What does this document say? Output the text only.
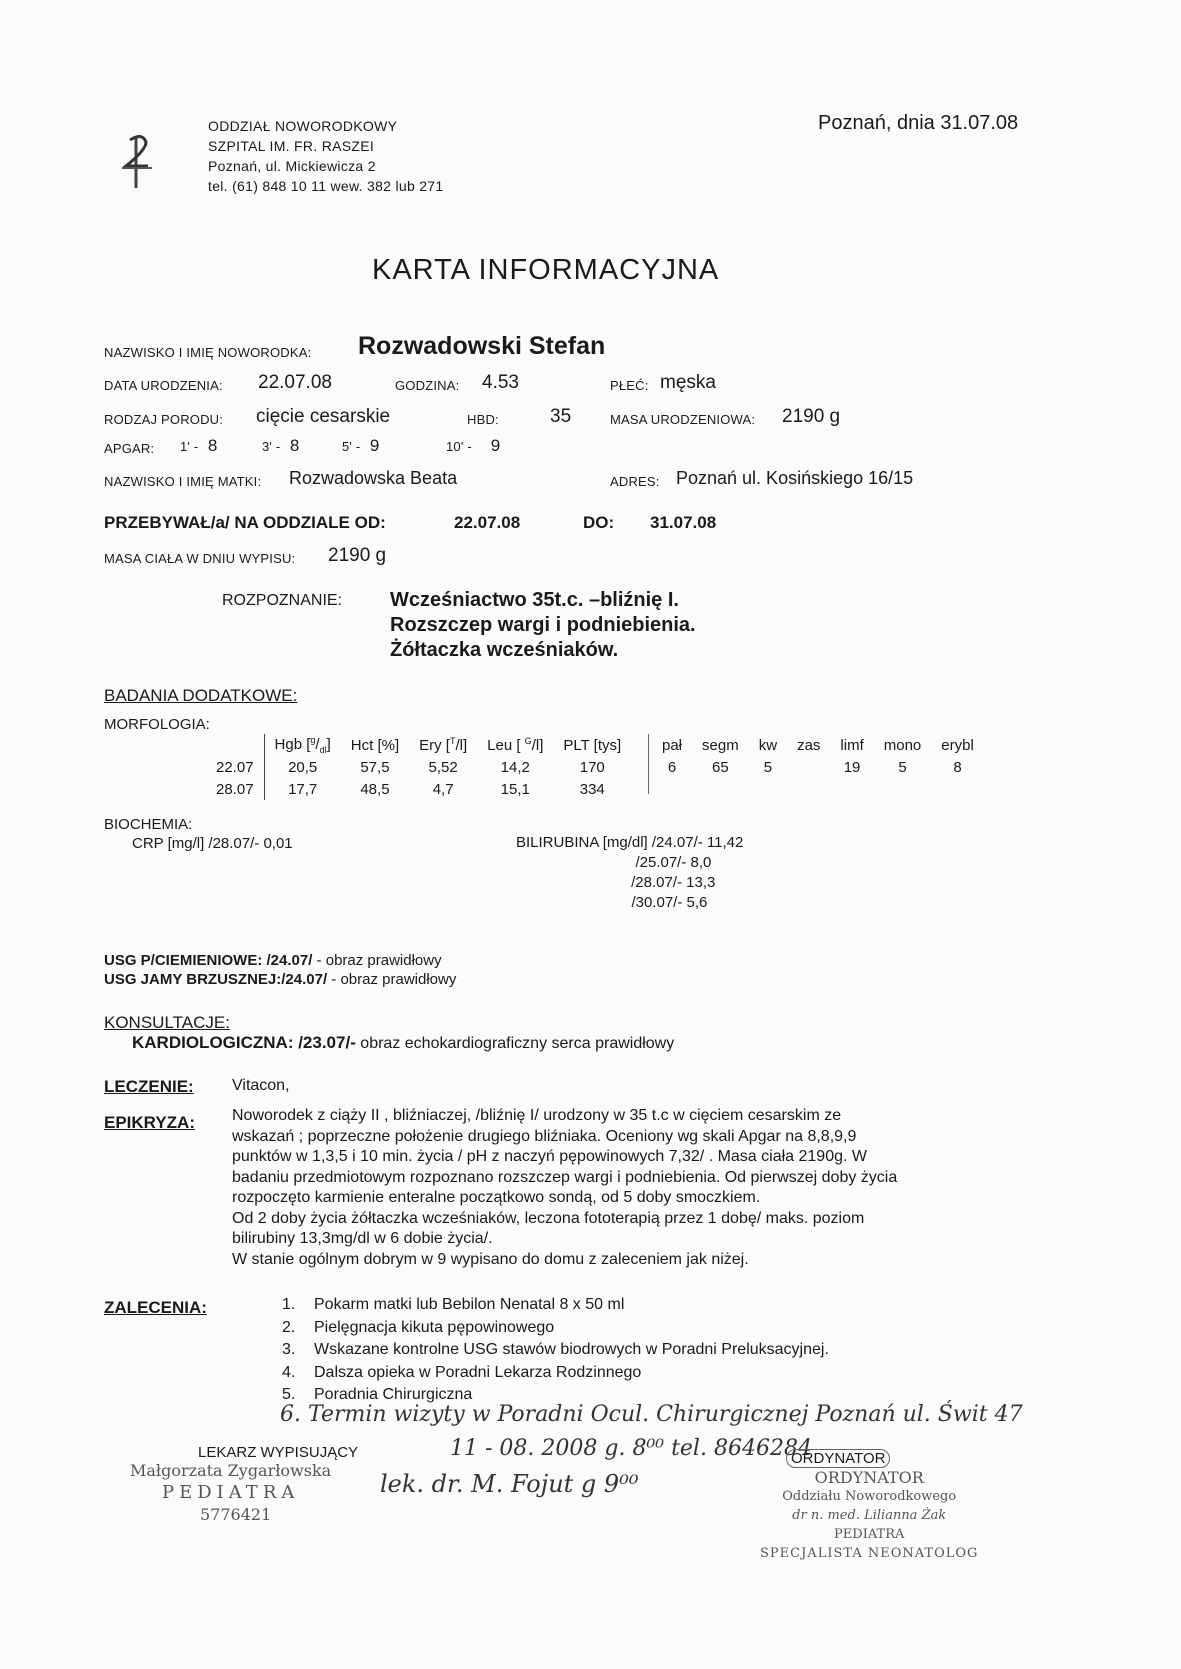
ODDZIAŁ NOWORODKOWY
SZPITAL IM. FR. RASZEI
Poznań, ul. Mickiewicza 2
tel. (61) 848 10 11 wew. 382 lub 271
Poznań, dnia 31.07.08
KARTA INFORMACYJNA
NAZWISKO I IMIĘ NOWORODKA: Rozwadowski Stefan
DATA URODZENIA: 22.07.08	GODZINA: 4.53	PŁEĆ: męska
RODZAJ PORODU: cięcie cesarskie	HBD:	35	MASA URODZENIOWA: 2190 g
APGAR: 1' - 8	3' - 8	5' - 9	10' - 9
NAZWISKO I IMIĘ MATKI: Rozwadowska Beata	ADRES: Poznań ul. Kosińskiego 16/15
PRZEBYWAŁ/a/ NA ODDZIALE OD:	22.07.08	DO: 31.07.08
MASA CIAŁA W DNIU WYPISU: 2190 g
ROZPOZNANIE: Wcześniactwo 35t.c. –bliźnię I.
Rozszczep wargi i podniebienia.
Żółtaczka wcześniaków.
BADANIA DODATKOWE:
MORFOLOGIA:
	Hgb $[^g/_{dl}]$	Hct [%]	Ery [$^T$/l]	Leu [ $^G$/l]	PLT [tys]
22.07	20,5	57,5	5,52	14,2	170
28.07	17,7	48,5	4,7	15,1	334
pał	segm	kw	zas	limf	mono	erybl
6	65	5		19	5	8
BIOCHEMIA:
CRP [mg/l] /28.07/- 0,01	BILIRUBINA [mg/dl] /24.07/- 11,42
/25.07/- 8,0
/28.07/- 13,3
/30.07/- 5,6
USG P/CIEMIENIOWE: /24.07/ - obraz prawidłowy
USG JAMY BRZUSZNEJ:/24.07/ - obraz prawidłowy
KONSULTACJE:
KARDIOLOGICZNA: /23.07/- obraz echokardiograficzny serca prawidłowy
LECZENIE: Vitacon,
EPIKRYZA: Noworodek z ciąży II , bliźniaczej, /bliźnię I/ urodzony w 35 t.c w cięciem cesarskim ze
wskazań ; poprzeczne położenie drugiego bliźniaka. Oceniony wg skali Apgar na 8,8,9,9
punktów w 1,3,5 i 10 min. życia / pH z naczyń pępowinowych 7,32/ . Masa ciała 2190g. W
badaniu przedmiotowym rozpoznano rozszczep wargi i podniebienia. Od pierwszej doby życia
rozpoczęto karmienie enteralne początkowo sondą, od 5 doby smoczkiem.
Od 2 doby życia żółtaczka wcześniaków, leczona fototerapią przez 1 dobę/ maks. poziom
bilirubiny 13,3mg/dl w 6 dobie życia/.
W stanie ogólnym dobrym w 9 wypisano do domu z zaleceniem jak niżej.
ZALECENIA:	1. Pokarm matki lub Bebilon Nenatal 8 x 50 ml
2. Pielęgnacja kikuta pępowinowego
3. Wskazane kontrolne USG stawów biodrowych w Poradni Preluksacyjnej.
4. Dalsza opieka w Poradni Lekarza Rodzinnego
5. Poradnia Chirurgiczna
6. Termin wizyty w Poradni Ocul. Chirurgicznej Poznań ul. Świt 47
11 - 08. 2008 g. 8⁰⁰ tel. 8646284
lek. dr. M. Fojut g 9⁰⁰
LEKARZ WYPISUJĄCY
Małgorzata Zygarłowska
PEDIATRA
5776421
ORDYNATOR
ORDYNATOR
Oddziału Noworodkowego
dr n. med. Lilianna Żak
PEDIATRA
SPECJALISTA NEONATOLOG
